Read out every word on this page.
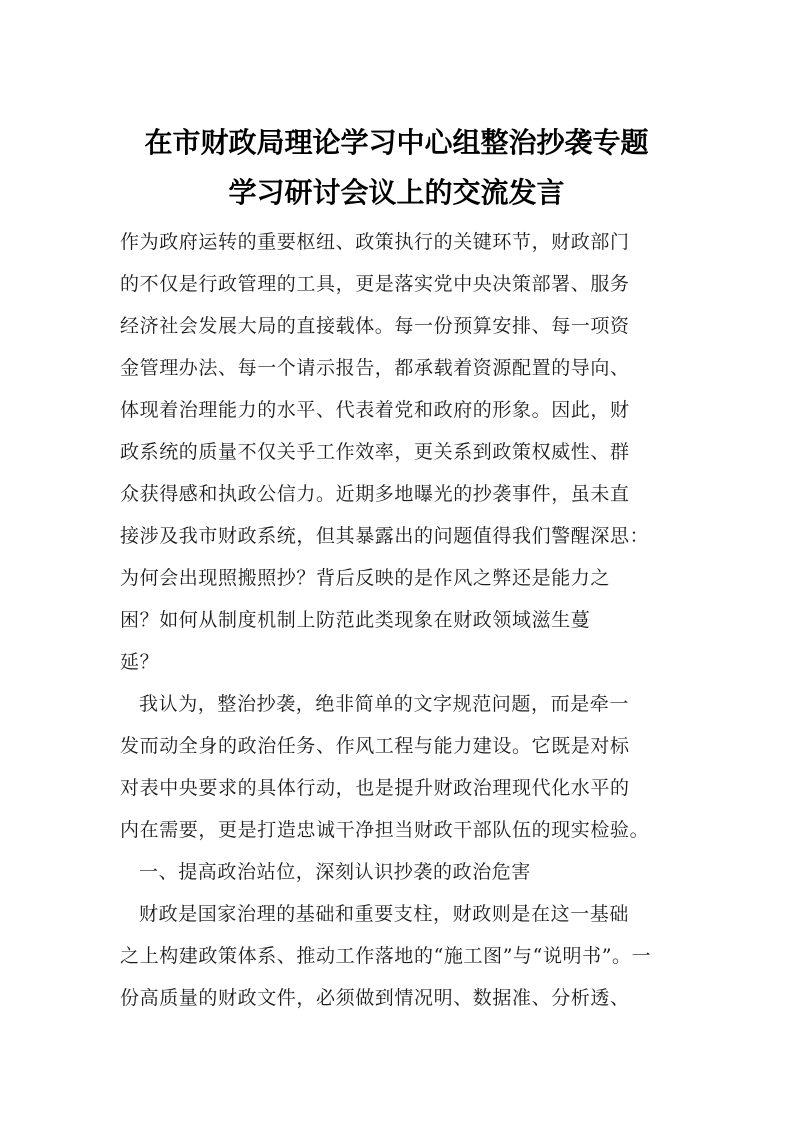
在市财政局理论学习中心组整治抄袭专题
学习研讨会议上的交流发言
作为政府运转的重要枢纽、政策执行的关键环节，财政部门
的不仅是行政管理的工具，更是落实党中央决策部署、服务
经济社会发展大局的直接载体。每一份预算安排、每一项资
金管理办法、每一个请示报告，都承载着资源配置的导向、
体现着治理能力的水平、代表着党和政府的形象。因此，财
政系统的质量不仅关乎工作效率，更关系到政策权威性、群
众获得感和执政公信力。近期多地曝光的抄袭事件，虽未直
接涉及我市财政系统，但其暴露出的问题值得我们警醒深思：
为何会出现照搬照抄？背后反映的是作风之弊还是能力之
困？如何从制度机制上防范此类现象在财政领域滋生蔓
延？
我认为，整治抄袭，绝非简单的文字规范问题，而是牵一
发而动全身的政治任务、作风工程与能力建设。它既是对标
对表中央要求的具体行动，也是提升财政治理现代化水平的
内在需要，更是打造忠诚干净担当财政干部队伍的现实检验。
一、提高政治站位，深刻认识抄袭的政治危害
财政是国家治理的基础和重要支柱，财政则是在这一基础
之上构建政策体系、推动工作落地的“施工图”与“说明书”。一
份高质量的财政文件，必须做到情况明、数据准、分析透、
